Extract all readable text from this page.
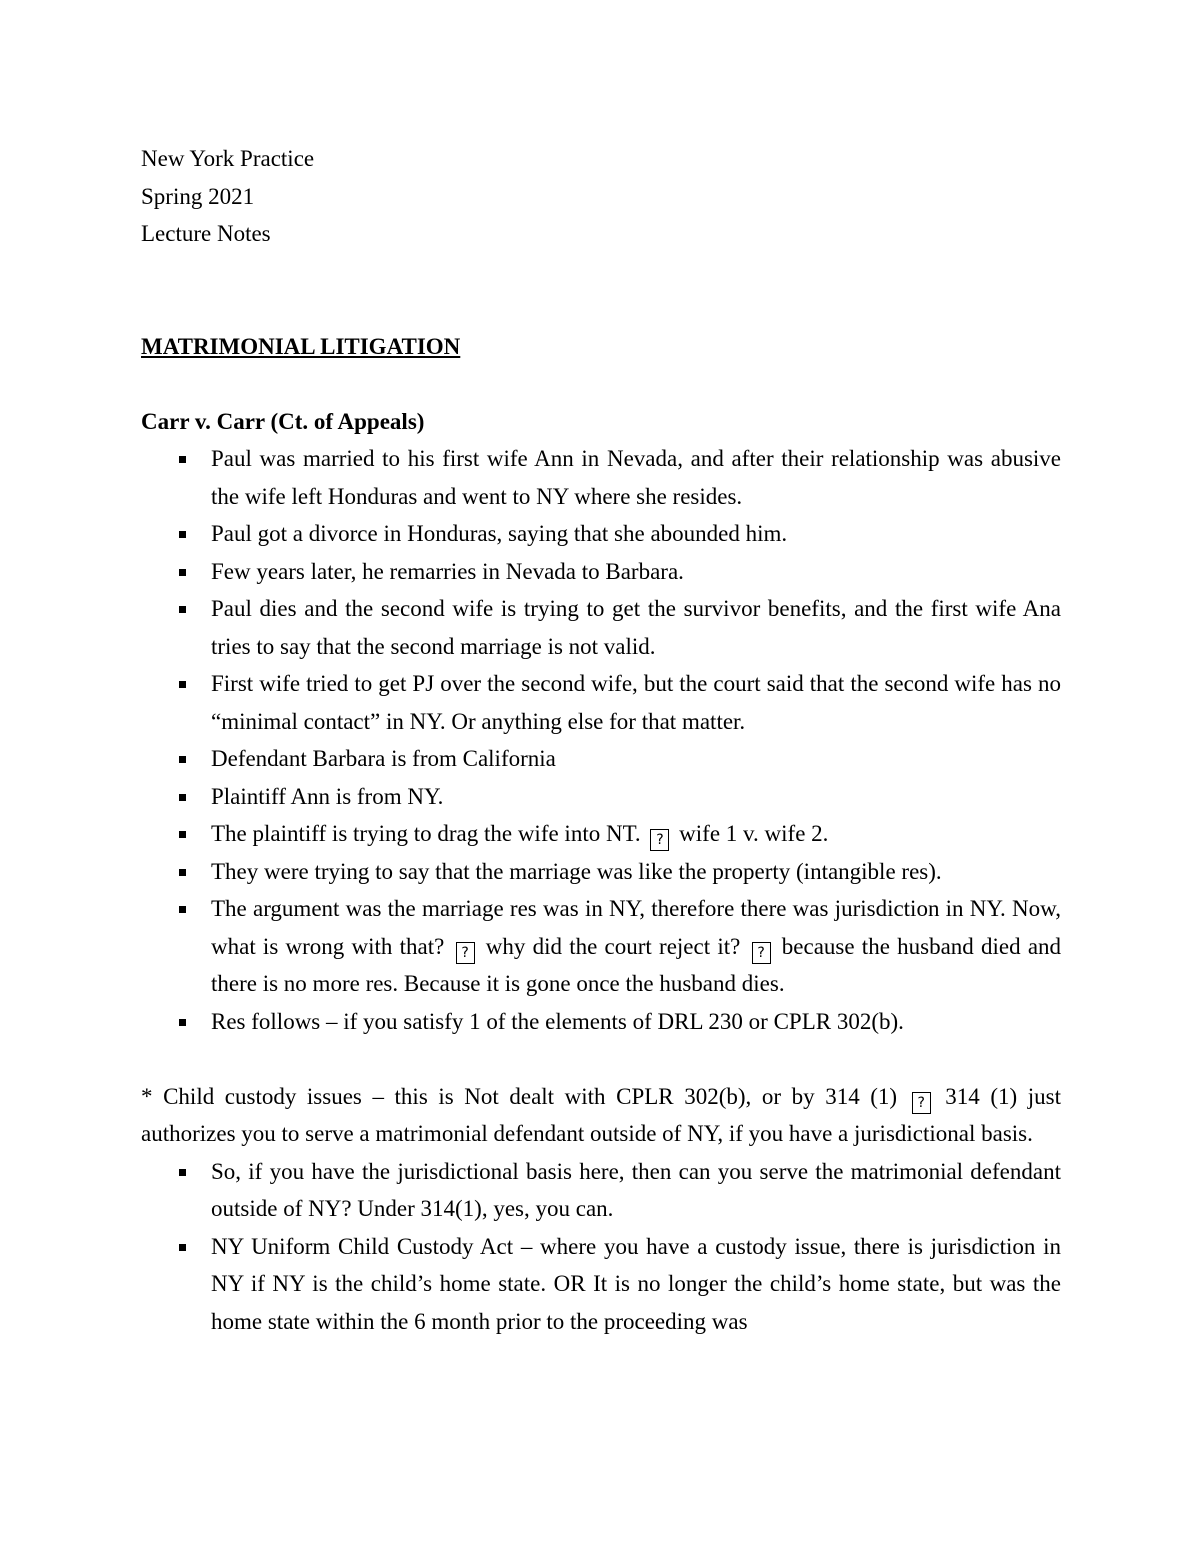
New York Practice

Spring 2021

Lecture Notes

MATRIMONIAL LITIGATION

Carr v. Carr (Ct. of Appeals)

Paul was married to his first wife Ann in Nevada, and after their relationship was abusive the wife left Honduras and went to NY where she resides.
Paul got a divorce in Honduras, saying that she abounded him.
Few years later, he remarries in Nevada to Barbara.
Paul dies and the second wife is trying to get the survivor benefits, and the first wife Ana tries to say that the second marriage is not valid.
First wife tried to get PJ over the second wife, but the court said that the second wife has no “minimal contact” in NY. Or anything else for that matter.
Defendant Barbara is from California
Plaintiff Ann is from NY.
The plaintiff is trying to drag the wife into NT. ? wife 1 v. wife 2.
They were trying to say that the marriage was like the property (intangible res).
The argument was the marriage res was in NY, therefore there was jurisdiction in NY. Now, what is wrong with that? ? why did the court reject it? ? because the husband died and there is no more res. Because it is gone once the husband dies.
Res follows – if you satisfy 1 of the elements of DRL 230 or CPLR 302(b).

* Child custody issues – this is Not dealt with CPLR 302(b), or by 314 (1) ? 314 (1) just authorizes you to serve a matrimonial defendant outside of NY, if you have a jurisdictional basis.

So, if you have the jurisdictional basis here, then can you serve the matrimonial defendant outside of NY? Under 314(1), yes, you can.
NY Uniform Child Custody Act – where you have a custody issue, there is jurisdiction in NY if NY is the child’s home state. OR It is no longer the child’s home state, but was the home state within the 6 month prior to the proceeding was
